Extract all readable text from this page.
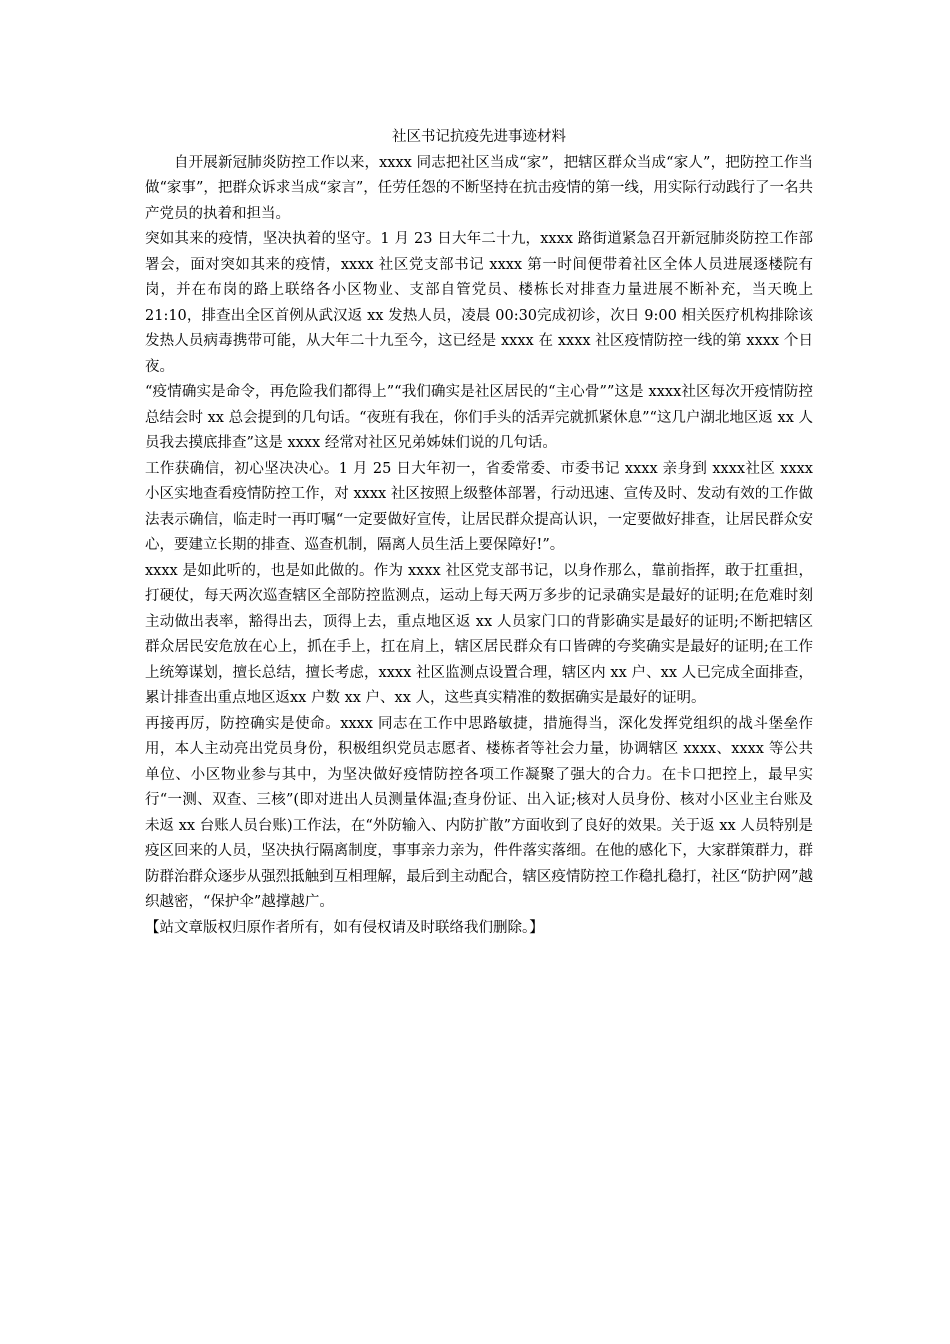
社区书记抗疫先进事迹材料

自开展新冠肺炎防控工作以来，xxxx 同志把社区当成“家”，把辖区群众当成“家人”，把防控工作当做“家事”，把群众诉求当成“家言”，任劳任怨的不断坚持在抗击疫情的第一线，用实际行动践行了一名共产党员的执着和担当。

突如其来的疫情，坚决执着的坚守。1 月 23 日大年二十九，xxxx 路街道紧急召开新冠肺炎防控工作部署会，面对突如其来的疫情，xxxx 社区党支部书记 xxxx 第一时间便带着社区全体人员进展逐楼院有岗，并在布岗的路上联络各小区物业、支部自管党员、楼栋长对排查力量进展不断补充，当天晚上 21:10，排查出全区首例从武汉返 xx 发热人员，凌晨 00:30完成初诊，次日 9:00 相关医疗机构排除该发热人员病毒携带可能，从大年二十九至今，这已经是 xxxx 在 xxxx 社区疫情防控一线的第 xxxx 个日夜。

“疫情确实是命令，再危险我们都得上”“我们确实是社区居民的“主心骨””这是 xxxx社区每次开疫情防控总结会时 xx 总会提到的几句话。“夜班有我在，你们手头的活弄完就抓紧休息”“这几户湖北地区返 xx 人员我去摸底排查”这是 xxxx 经常对社区兄弟姊妹们说的几句话。

工作获确信，初心坚决决心。1 月 25 日大年初一，省委常委、市委书记 xxxx 亲身到 xxxx社区 xxxx 小区实地查看疫情防控工作，对 xxxx 社区按照上级整体部署，行动迅速、宣传及时、发动有效的工作做法表示确信，临走时一再叮嘱“一定要做好宣传，让居民群众提高认识，一定要做好排查，让居民群众安心，要建立长期的排查、巡查机制，隔离人员生活上要保障好!”。

xxxx 是如此听的，也是如此做的。作为 xxxx 社区党支部书记，以身作那么，靠前指挥，敢于扛重担，打硬仗，每天两次巡查辖区全部防控监测点，运动上每天两万多步的记录确实是最好的证明;在危难时刻主动做出表率，豁得出去，顶得上去，重点地区返 xx 人员家门口的背影确实是最好的证明;不断把辖区群众居民安危放在心上，抓在手上，扛在肩上，辖区居民群众有口皆碑的夸奖确实是最好的证明;在工作上统筹谋划，擅长总结，擅长考虑，xxxx 社区监测点设置合理，辖区内 xx 户、xx 人已完成全面排查，累计排查出重点地区返xx 户数 xx 户、xx 人，这些真实精准的数据确实是最好的证明。

再接再厉，防控确实是使命。xxxx 同志在工作中思路敏捷，措施得当，深化发挥党组织的战斗堡垒作用，本人主动亮出党员身份，积极组织党员志愿者、楼栋者等社会力量，协调辖区 xxxx、xxxx 等公共单位、小区物业参与其中，为坚决做好疫情防控各项工作凝聚了强大的合力。在卡口把控上，最早实行“一测、双查、三核”(即对进出人员测量体温;查身份证、出入证;核对人员身份、核对小区业主台账及未返 xx 台账人员台账)工作法，在“外防输入、内防扩散”方面收到了良好的效果。关于返 xx 人员特别是疫区回来的人员，坚决执行隔离制度，事事亲力亲为，件件落实落细。在他的感化下，大家群策群力，群防群治群众逐步从强烈抵触到互相理解，最后到主动配合，辖区疫情防控工作稳扎稳打，社区“防护网”越织越密，“保护伞”越撑越广。

【站文章版权归原作者所有，如有侵权请及时联络我们删除。】
